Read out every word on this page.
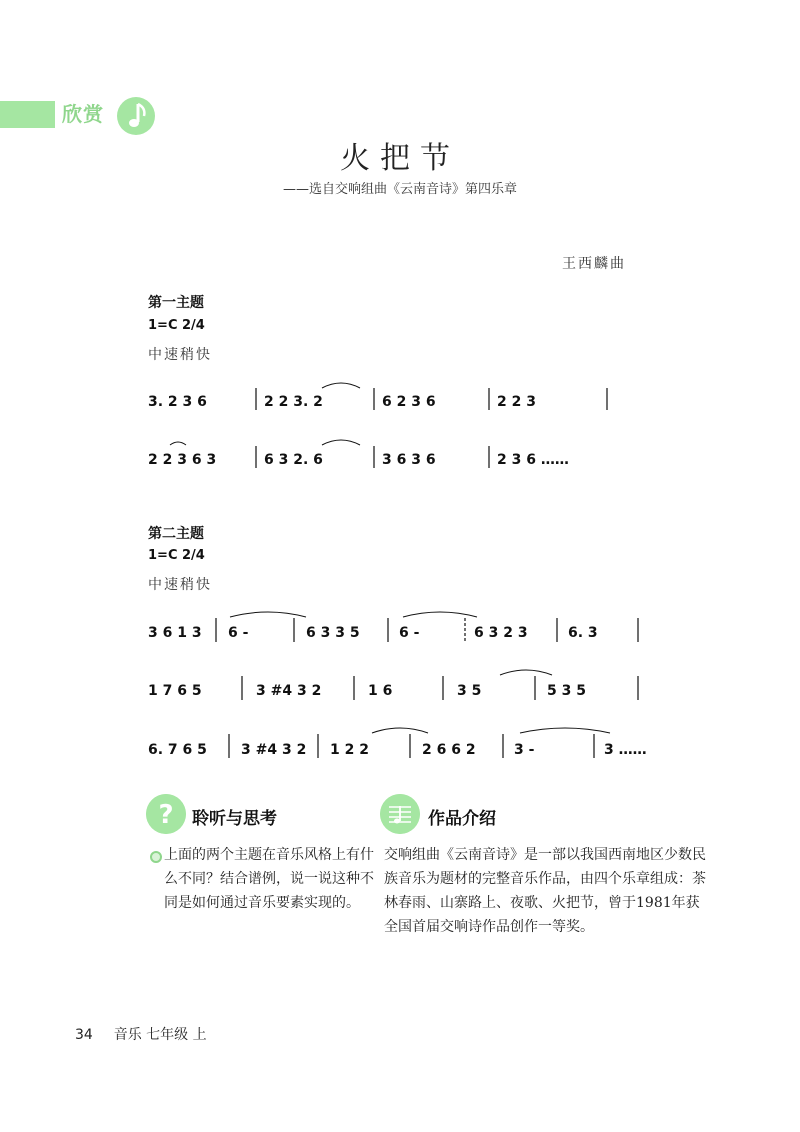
欣赏
火把节
——选自交响组曲《云南音诗》第四乐章
王西麟曲
第一主题
1=C 2/4
中速稍快
第二主题
1=C 2/4
中速稍快
3. 2 3 6	2 2 3. 2	6 2 3 6	2 2 3
2 2 3 6 3	6 3 2. 6	3 6 3 6	2 3 6 ……
3 6 1 3 6 -	6 3 3 5	6 -	6 3 2 3	6. 3
1 7 6 5	3 #4 3 2	1 6	3 5	5 3 5
6. 7 6 5 3 #4 3 2 1 2 2	2 6 6 2	3 -	3 ……
? 聆听与思考
上面的两个主题在音乐风格上有什么不同？结合谱例，说一说这种不同是如何通过音乐要素实现的。
作品介绍
交响组曲《云南音诗》是一部以我国西南地区少数民族音乐为题材的完整音乐作品，由四个乐章组成：茶林春雨、山寨路上、夜歌、火把节，曾于1981年获全国首届交响诗作品创作一等奖。
34 音乐 七年级 上
